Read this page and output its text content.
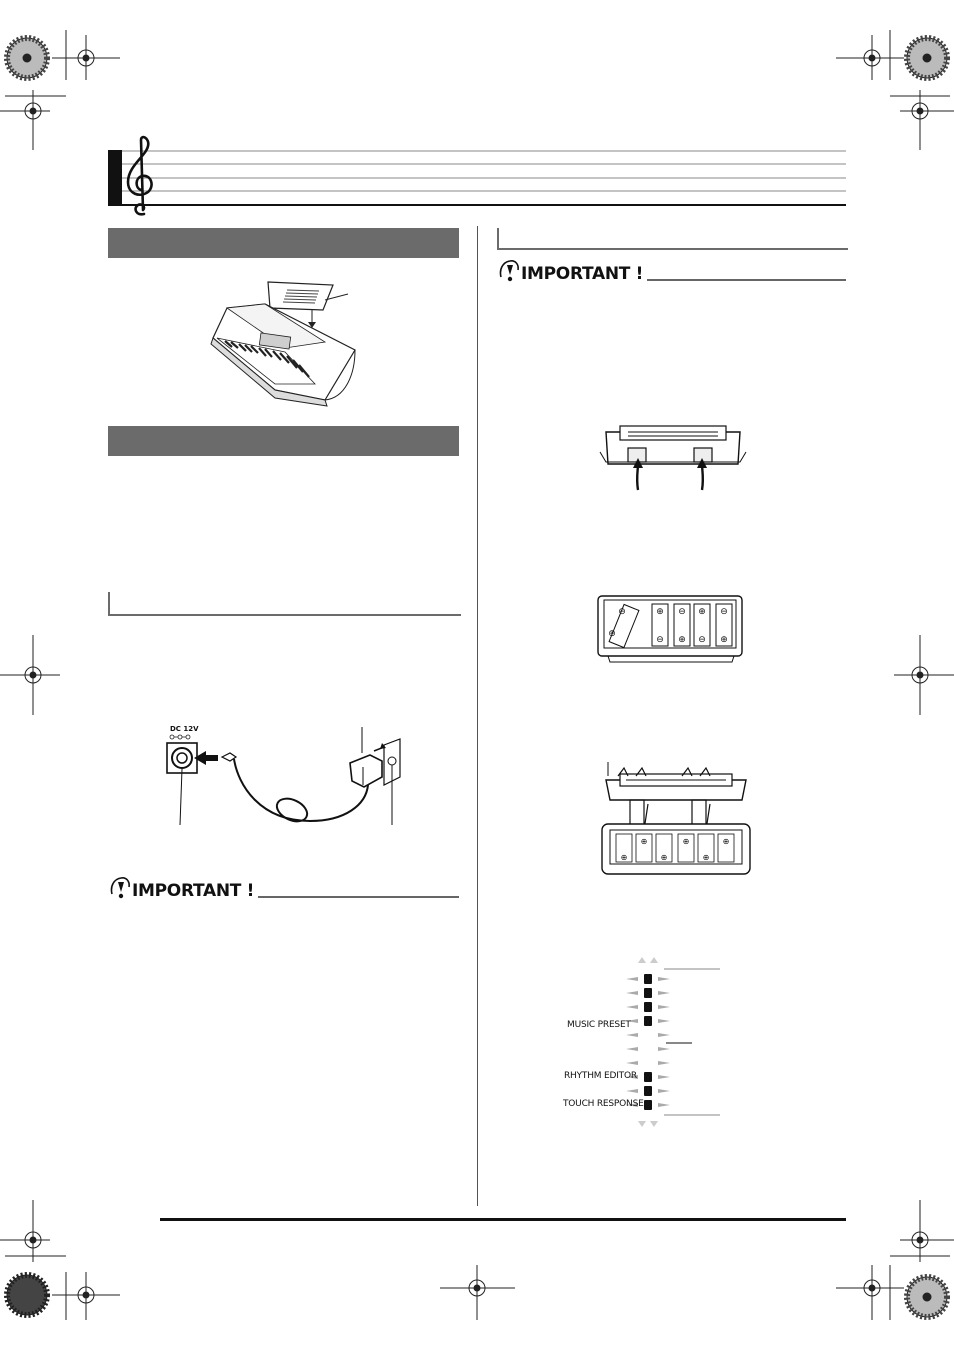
DC 12V
IMPORTANT !
IMPORTANT !
⊕
⊖
⊖
⊕
⊕
⊖
⊖
⊕
⊖
⊕
⊕
⊕
⊕
⊕
⊕
⊕
MUSIC PRESET
RHYTHM EDITOR
TOUCH RESPONSE
